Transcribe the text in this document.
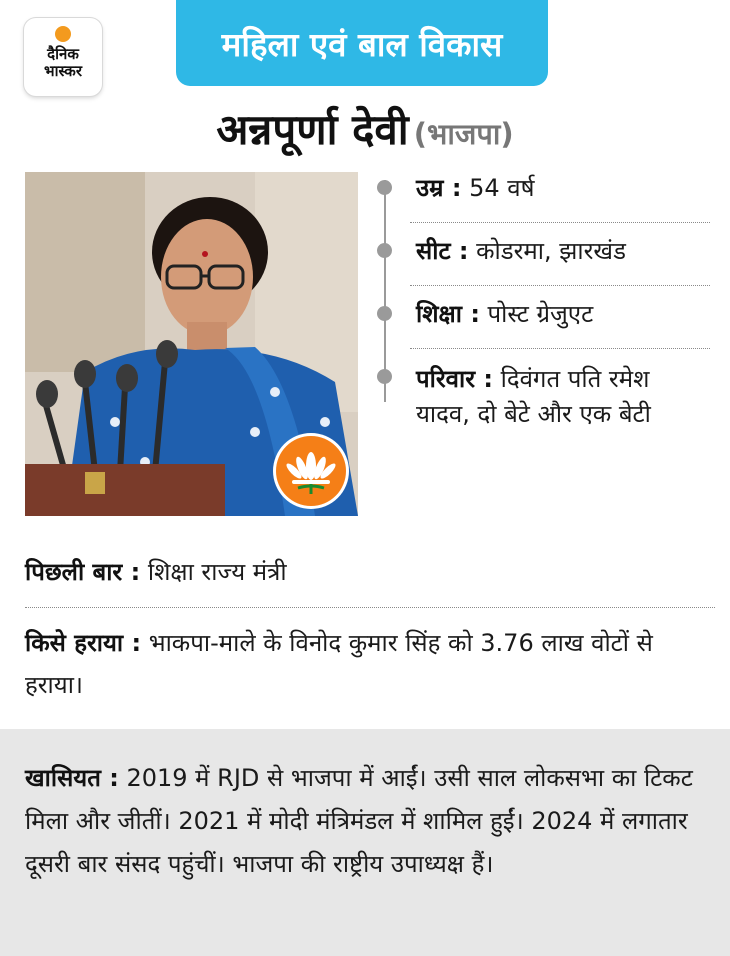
दैनिक
भास्कर
महिला एवं बाल विकास
अन्नपूर्णा देवी (भाजपा)
उम्र : 54 वर्ष
सीट : कोडरमा, झारखंड
शिक्षा : पोस्ट ग्रेजुएट
परिवार : दिवंगत पति रमेश यादव, दो बेटे और एक बेटी
पिछली बार : शिक्षा राज्य मंत्री
किसे हराया : भाकपा-माले के विनोद कुमार सिंह को 3.76 लाख वोटों से हराया।

खासियत : 2019 में RJD से भाजपा में आईं। उसी साल लोकसभा का टिकट मिला और जीतीं। 2021 में मोदी मंत्रिमंडल में शामिल हुईं। 2024 में लगातार दूसरी बार संसद पहुंचीं। भाजपा की राष्ट्रीय उपाध्यक्ष हैं।
